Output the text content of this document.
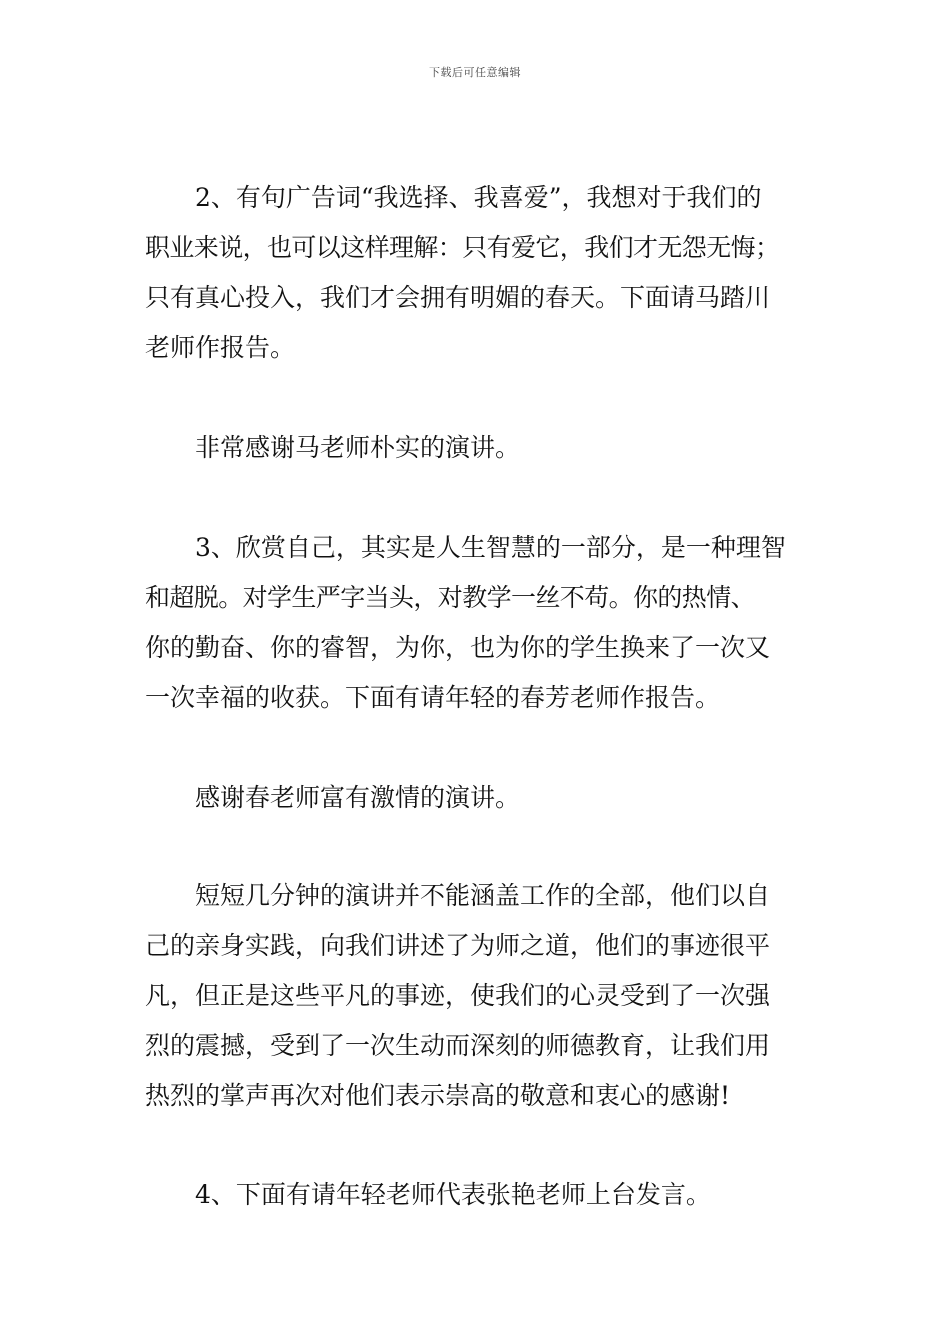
下载后可任意编辑
2、有句广告词“我选择、我喜爱”，我想对于我们的
职业来说，也可以这样理解：只有爱它，我们才无怨无悔；
只有真心投入，我们才会拥有明媚的春天。下面请马踏川
老师作报告。
非常感谢马老师朴实的演讲。
3、欣赏自己，其实是人生智慧的一部分，是一种理智
和超脱。对学生严字当头，对教学一丝不苟。你的热情、
你的勤奋、你的睿智，为你，也为你的学生换来了一次又
一次幸福的收获。下面有请年轻的春芳老师作报告。
感谢春老师富有激情的演讲。
短短几分钟的演讲并不能涵盖工作的全部，他们以自
己的亲身实践，向我们讲述了为师之道，他们的事迹很平
凡，但正是这些平凡的事迹，使我们的心灵受到了一次强
烈的震撼，受到了一次生动而深刻的师德教育，让我们用
热烈的掌声再次对他们表示崇高的敬意和衷心的感谢!
4、下面有请年轻老师代表张艳老师上台发言。
